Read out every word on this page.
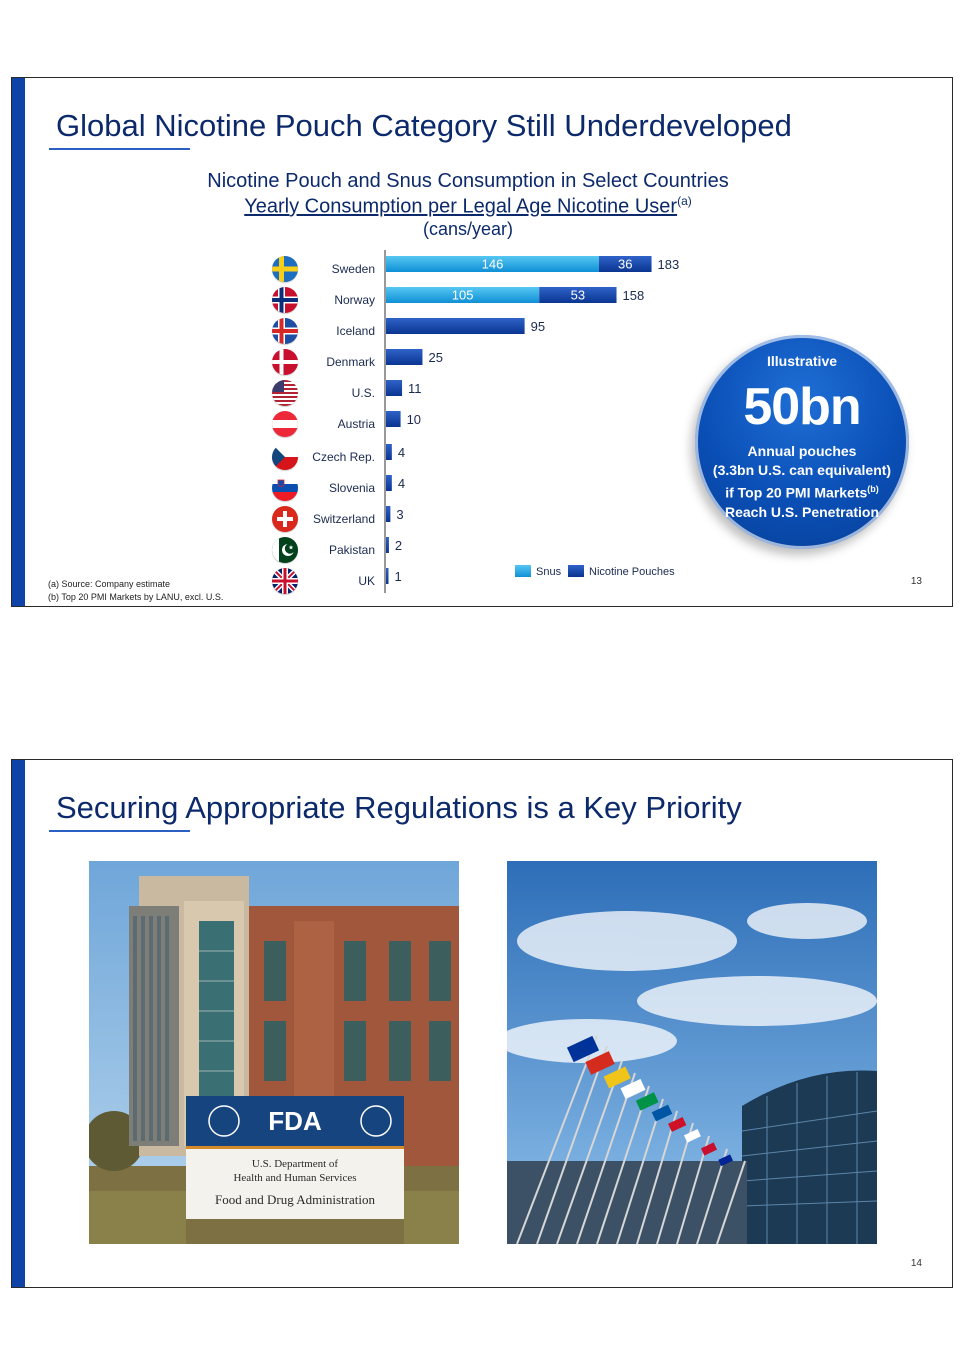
Global Nicotine Pouch Category Still Underdeveloped
Nicotine Pouch and Snus Consumption in Select Countries
Yearly Consumption per Legal Age Nicotine User$^{(a)}$
(cans/year)
Sweden
Norway
Iceland
Denmark
U.S.
Austria
Czech Rep.
Slovenia
Switzerland
Pakistan
UK
146	36 183
105	53	158
95
25
11
10
4
4
3
2
1	Snus	Nicotine Pouches
Illustrative
50bn
Annual pouches
(3.3bn U.S. can equivalent)
if Top 20 PMI Markets$^{(b)}$
Reach U.S. Penetration
(a) Source: Company estimate
(b) Top 20 PMI Markets by LANU, excl. U.S.
13
Securing Appropriate Regulations is a Key Priority
FDA
U.S. Department of
Health and Human Services
Food and Drug Administration
14
